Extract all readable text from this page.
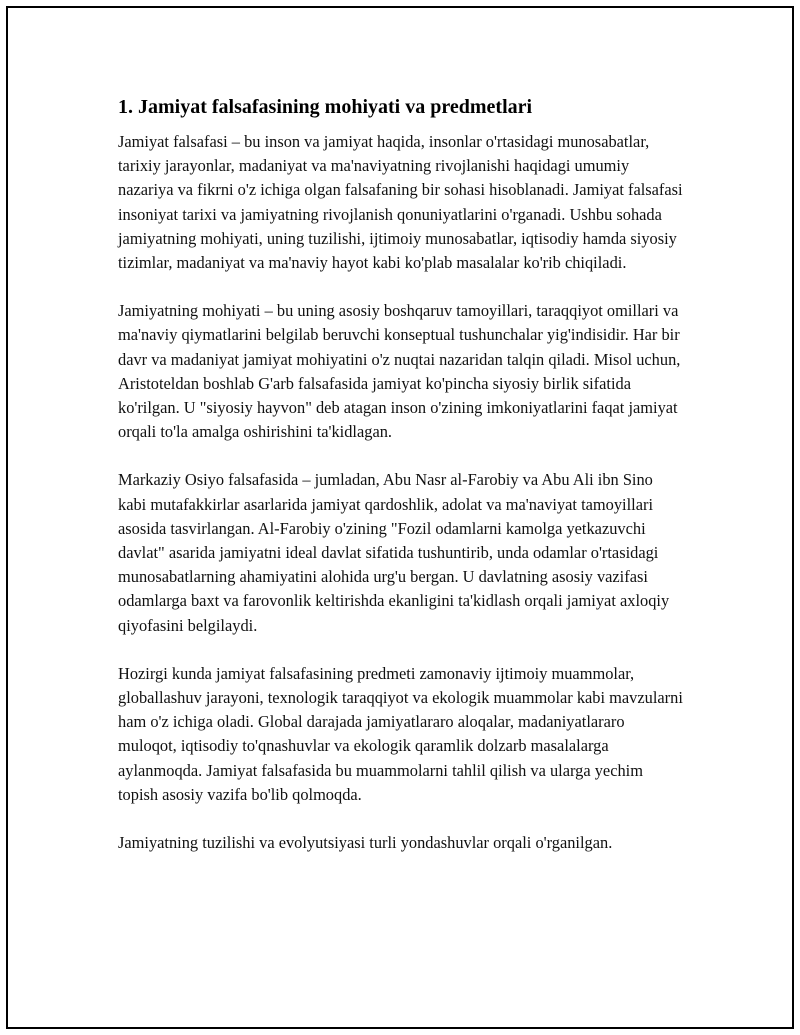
1. Jamiyat falsafasining mohiyati va predmetlari

Jamiyat falsafasi – bu inson va jamiyat haqida, insonlar o'rtasidagi munosabatlar, tarixiy jarayonlar, madaniyat va ma'naviyatning rivojlanishi haqidagi umumiy nazariya va fikrni o'z ichiga olgan falsafaning bir sohasi hisoblanadi. Jamiyat falsafasi insoniyat tarixi va jamiyatning rivojlanish qonuniyatlarini o'rganadi. Ushbu sohada jamiyatning mohiyati, uning tuzilishi, ijtimoiy munosabatlar, iqtisodiy hamda siyosiy tizimlar, madaniyat va ma'naviy hayot kabi ko'plab masalalar ko'rib chiqiladi.

Jamiyatning mohiyati – bu uning asosiy boshqaruv tamoyillari, taraqqiyot omillari va ma'naviy qiymatlarini belgilab beruvchi konseptual tushunchalar yig'indisidir. Har bir davr va madaniyat jamiyat mohiyatini o'z nuqtai nazaridan talqin qiladi. Misol uchun, Aristoteldan boshlab G'arb falsafasida jamiyat ko'pincha siyosiy birlik sifatida ko'rilgan. U "siyosiy hayvon" deb atagan inson o'zining imkoniyatlarini faqat jamiyat orqali to'la amalga oshirishini ta'kidlagan.

Markaziy Osiyo falsafasida – jumladan, Abu Nasr al-Farobiy va Abu Ali ibn Sino kabi mutafakkirlar asarlarida jamiyat qardoshlik, adolat va ma'naviyat tamoyillari asosida tasvirlangan. Al-Farobiy o'zining "Fozil odamlarni kamolga yetkazuvchi davlat" asarida jamiyatni ideal davlat sifatida tushuntirib, unda odamlar o'rtasidagi munosabatlarning ahamiyatini alohida urg'u bergan. U davlatning asosiy vazifasi odamlarga baxt va farovonlik keltirishda ekanligini ta'kidlash orqali jamiyat axloqiy qiyofasini belgilaydi.

Hozirgi kunda jamiyat falsafasining predmeti zamonaviy ijtimoiy muammolar, globallashuv jarayoni, texnologik taraqqiyot va ekologik muammolar kabi mavzularni ham o'z ichiga oladi. Global darajada jamiyatlararo aloqalar, madaniyatlararo muloqot, iqtisodiy to'qnashuvlar va ekologik qaramlik dolzarb masalalarga aylanmoqda. Jamiyat falsafasida bu muammolarni tahlil qilish va ularga yechim topish asosiy vazifa bo'lib qolmoqda.

Jamiyatning tuzilishi va evolyutsiyasi turli yondashuvlar orqali o'rganilgan.
